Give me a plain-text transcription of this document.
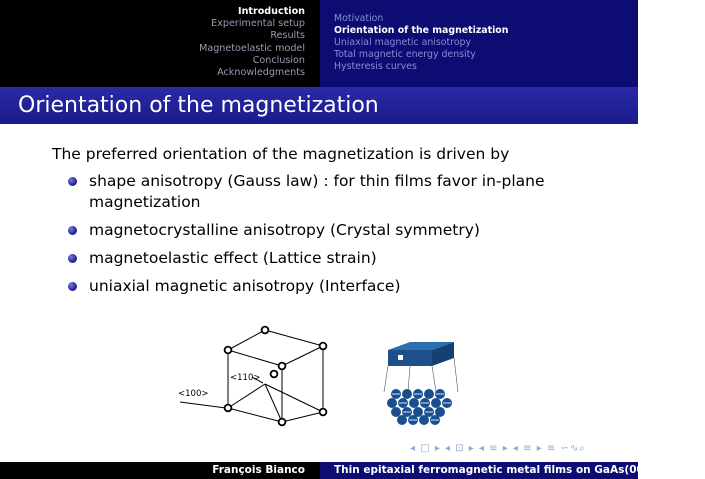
Introduction
Experimental setup
Results
Magnetoelastic model
Conclusion
Acknowledgments
Motivation
Orientation of the magnetization
Uniaxial magnetic anisotropy
Total magnetic energy density
Hysteresis curves
Orientation of the magnetization
The preferred orientation of the magnetization is driven by
shape anisotropy (Gauss law) : for thin films favor in-plane magnetization
magnetocrystalline anisotropy (Crystal symmetry)
magnetoelastic effect (Lattice strain)
uniaxial magnetic anisotropy (Interface)
<110>
<100>
◂ □ ▸ ◂ ⊡ ▸ ◂ ≡ ▸ ◂ ≡ ▸ ≡ ∽∿⌕
François Bianco	Thin epitaxial ferromagnetic metal films on GaAs(001) for spin
